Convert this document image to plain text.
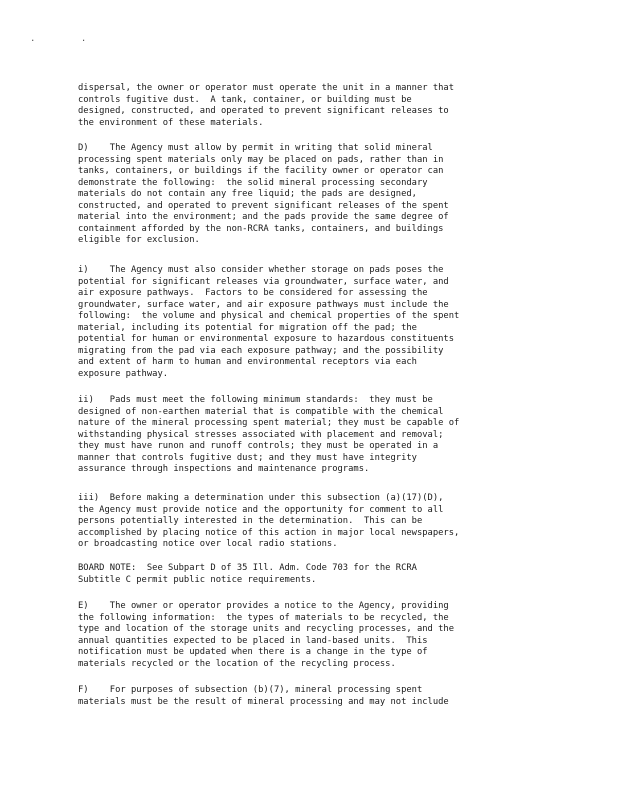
. .
dispersal, the owner or operator must operate the unit in a manner that
controls fugitive dust.  A tank, container, or building must be
designed, constructed, and operated to prevent significant releases to
the environment of these materials.
D)    The Agency must allow by permit in writing that solid mineral
processing spent materials only may be placed on pads, rather than in
tanks, containers, or buildings if the facility owner or operator can
demonstrate the following:  the solid mineral processing secondary
materials do not contain any free liquid; the pads are designed,
constructed, and operated to prevent significant releases of the spent
material into the environment; and the pads provide the same degree of
containment afforded by the non-RCRA tanks, containers, and buildings
eligible for exclusion.
i)    The Agency must also consider whether storage on pads poses the
potential for significant releases via groundwater, surface water, and
air exposure pathways.  Factors to be considered for assessing the
groundwater, surface water, and air exposure pathways must include the
following:  the volume and physical and chemical properties of the spent
material, including its potential for migration off the pad; the
potential for human or environmental exposure to hazardous constituents
migrating from the pad via each exposure pathway; and the possibility
and extent of harm to human and environmental receptors via each
exposure pathway.
ii)   Pads must meet the following minimum standards:  they must be
designed of non-earthen material that is compatible with the chemical
nature of the mineral processing spent material; they must be capable of
withstanding physical stresses associated with placement and removal;
they must have runon and runoff controls; they must be operated in a
manner that controls fugitive dust; and they must have integrity
assurance through inspections and maintenance programs.
iii)  Before making a determination under this subsection (a)(17)(D),
the Agency must provide notice and the opportunity for comment to all
persons potentially interested in the determination.  This can be
accomplished by placing notice of this action in major local newspapers,
or broadcasting notice over local radio stations.
BOARD NOTE:  See Subpart D of 35 Ill. Adm. Code 703 for the RCRA
Subtitle C permit public notice requirements.
E)    The owner or operator provides a notice to the Agency, providing
the following information:  the types of materials to be recycled, the
type and location of the storage units and recycling processes, and the
annual quantities expected to be placed in land-based units.  This
notification must be updated when there is a change in the type of
materials recycled or the location of the recycling process.
F)    For purposes of subsection (b)(7), mineral processing spent
materials must be the result of mineral processing and may not include
